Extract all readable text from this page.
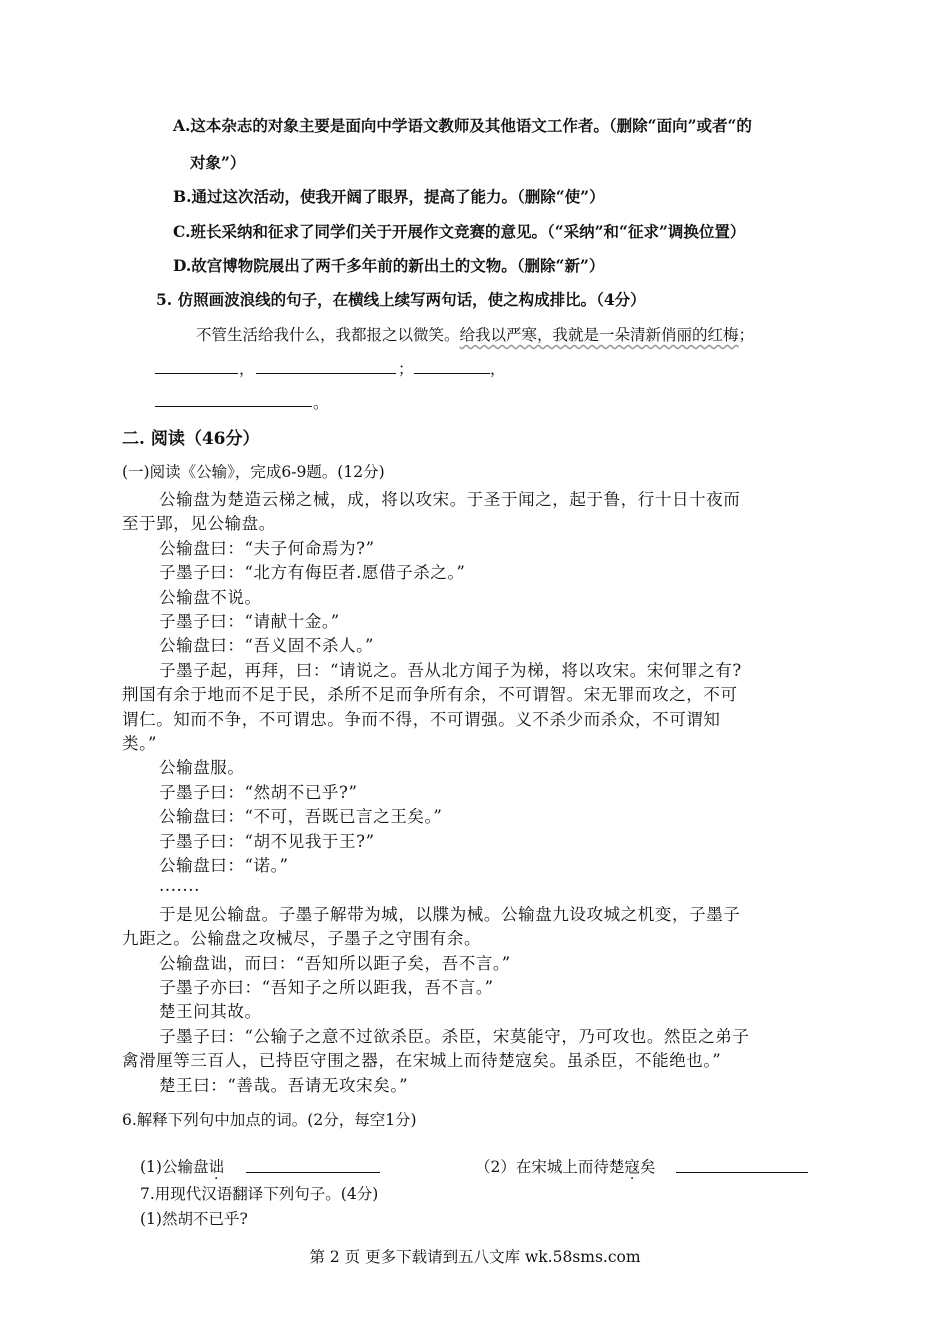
A.这本杂志的对象主要是面向中学语文教师及其他语文工作者。（删除“面向”或者“的
对象”）
B.通过这次活动，使我开阔了眼界，提高了能力。（删除“使”）
C.班长采纳和征求了同学们关于开展作文竞赛的意见。（“采纳”和“征求”调换位置）
D.故宫博物院展出了两千多年前的新出土的文物。（删除“新”）
5. 仿照画波浪线的句子，在横线上续写两句话，使之构成排比。（4分）
不管生活给我什么，我都报之以微笑。给我以严寒，我就是一朵清新俏丽的红梅；
，	；	，
。
二. 阅读（46分）
(一)阅读《公输》，完成6-9题。(12分)
公输盘为楚造云梯之械，成，将以攻宋。于圣于闻之，起于鲁，行十日十夜而
至于郢，见公输盘。
公输盘曰：“夫子何命焉为?”
子墨子曰：“北方有侮臣者.愿借子杀之。”
公输盘不说。
子墨子曰：“请献十金。”
公输盘曰：“吾义固不杀人。”
子墨子起，再拜，曰：“请说之。吾从北方闻子为梯，将以攻宋。宋何罪之有?
荆国有余于地而不足于民，杀所不足而争所有余，不可谓智。宋无罪而攻之，不可
谓仁。知而不争，不可谓忠。争而不得，不可谓强。义不杀少而杀众，不可谓知
类。”
公输盘服。
子墨子曰：“然胡不已乎?”
公输盘曰：“不可，吾既已言之王矣。”
子墨子曰：“胡不见我于王?”
公输盘曰：“诺。”
.......
于是见公输盘。子墨子解带为城，以牒为械。公输盘九设攻城之机变，子墨子
九距之。公输盘之攻械尽，子墨子之守围有余。
公输盘诎，而曰：“吾知所以距子矣，吾不言。”
子墨子亦曰：“吾知子之所以距我，吾不言。”
楚王问其故。
子墨子曰：“公输子之意不过欲杀臣。杀臣，宋莫能守，乃可攻也。然臣之弟子
禽滑厘等三百人，已持臣守围之器，在宋城上而待楚寇矣。虽杀臣，不能绝也。”
楚王曰：“善哉。吾请无攻宋矣。”
6.解释下列句中加点的词。(2分，每空1分)
(1)公输盘诎	（2）在宋城上而待楚寇矣
7.用现代汉语翻译下列句子。(4分)
(1)然胡不已乎?
第 2 页 更多下载请到五八文库 wk.58sms.com
